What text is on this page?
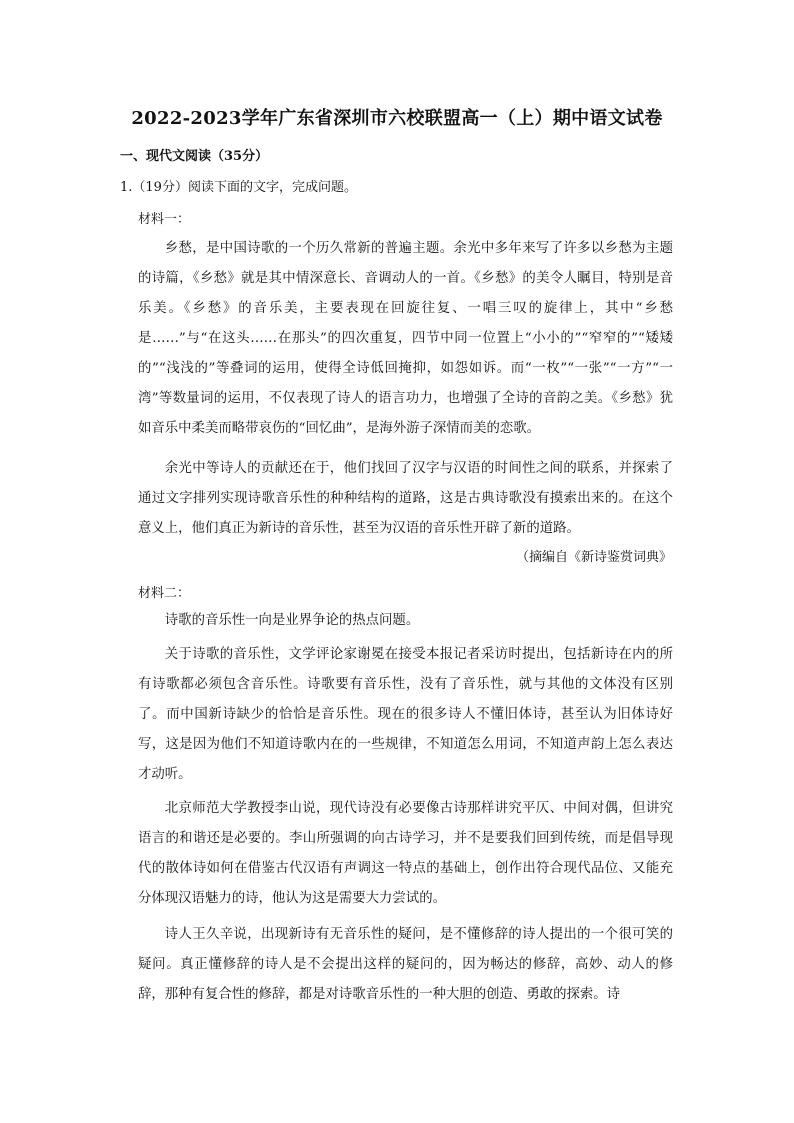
2022-2023学年广东省深圳市六校联盟高一（上）期中语文试卷
一、现代文阅读（35分）
1.（19分）阅读下面的文字，完成问题。
材料一：
乡愁，是中国诗歌的一个历久常新的普遍主题。余光中多年来写了许多以乡愁为主题的诗篇，《乡愁》就是其中情深意长、音调动人的一首。《乡愁》的美令人瞩目，特别是音乐美。《乡愁》的音乐美，主要表现在回旋往复、一唱三叹的旋律上，其中“乡愁是……”与“在这头……在那头”的四次重复，四节中同一位置上“小小的”“窄窄的”“矮矮的”“浅浅的”等叠词的运用，使得全诗低回掩抑，如怨如诉。而“一枚”“一张”“一方”“一湾”等数量词的运用，不仅表现了诗人的语言功力，也增强了全诗的音韵之美。《乡愁》犹如音乐中柔美而略带哀伤的“回忆曲”，是海外游子深情而美的恋歌。
余光中等诗人的贡献还在于，他们找回了汉字与汉语的时间性之间的联系，并探索了通过文字排列实现诗歌音乐性的种种结构的道路，这是古典诗歌没有摸索出来的。在这个意义上，他们真正为新诗的音乐性，甚至为汉语的音乐性开辟了新的道路。
（摘编自《新诗鉴赏词典》
材料二：
诗歌的音乐性一向是业界争论的热点问题。
关于诗歌的音乐性，文学评论家谢冕在接受本报记者采访时提出，包括新诗在内的所有诗歌都必须包含音乐性。诗歌要有音乐性，没有了音乐性，就与其他的文体没有区别了。而中国新诗缺少的恰恰是音乐性。现在的很多诗人不懂旧体诗，甚至认为旧体诗好写，这是因为他们不知道诗歌内在的一些规律，不知道怎么用词，不知道声韵上怎么表达才动听。
北京师范大学教授李山说，现代诗没有必要像古诗那样讲究平仄、中间对偶，但讲究语言的和谐还是必要的。李山所强调的向古诗学习，并不是要我们回到传统，而是倡导现代的散体诗如何在借鉴古代汉语有声调这一特点的基础上，创作出符合现代品位、又能充分体现汉语魅力的诗，他认为这是需要大力尝试的。
诗人王久辛说，出现新诗有无音乐性的疑问，是不懂修辞的诗人提出的一个很可笑的疑问。真正懂修辞的诗人是不会提出这样的疑问的，因为畅达的修辞，高妙、动人的修辞，那种有复合性的修辞，都是对诗歌音乐性的一种大胆的创造、勇敢的探索。诗
